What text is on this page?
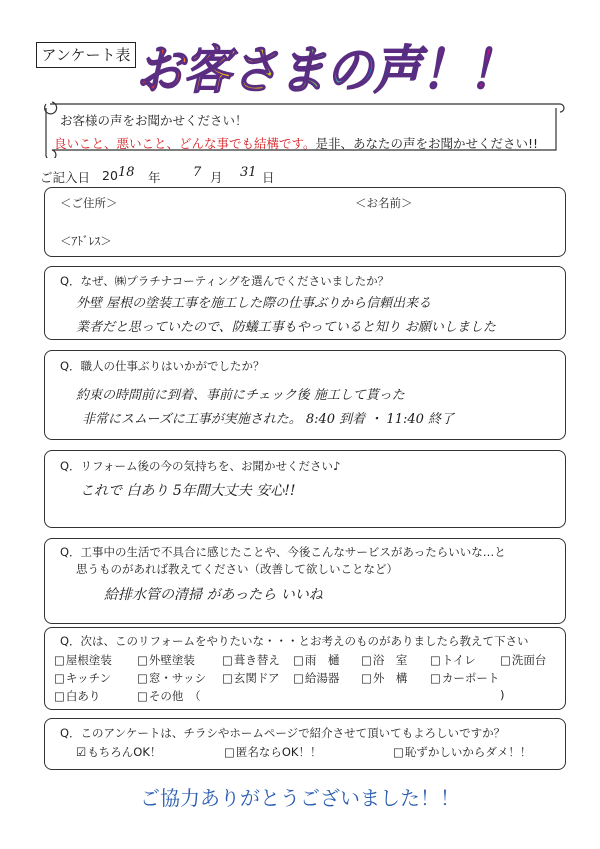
アンケート表 お客さまの声！！
お客様の声をお聞かせください！
良いこと、悪いこと、どんな事でも結構です。是非、あなたの声をお聞かせください!!
ご記入日 20 18 年 7 月 31 日
＜ご住所＞	＜お名前＞
＜ｱﾄﾞﾚｽ＞
Q．なぜ、㈱プラチナコーティングを選んでくださいましたか？
外壁 屋根の塗装工事を施工した際の仕事ぶりから信頼出来る
業者だと思っていたので、防蟻工事もやっていると知り お願いしました
Q．職人の仕事ぶりはいかがでしたか？
約束の時間前に到着、事前にチェック後 施工して貰った
非常にスムーズに工事が実施された。 8:40 到着 ・ 11:40 終了
Q．リフォーム後の今の気持ちを、お聞かせください♪
これで 白あり 5年間大丈夫 安心!!
Q．工事中の生活で不具合に感じたことや、今後こんなサービスがあったらいいな…と
思うものがあれば教えてください（改善して欲しいことなど）
給排水管の清掃 があったら いいね
Q．次は、このリフォームをやりたいな・・・とお考えのものがありましたら教えて下さい
□ 屋根塗装	□ 外壁塗装	□ 葺き替え	□ 雨　樋	□ 浴　室	□ トイレ	□ 洗面台
□ キッチン	□ 窓・サッシ	□ 玄関ドア	□ 給湯器	□ 外　構	□ カーポート
□ 白あり	□ その他　（	)
Q．このアンケートは、チラシやホームページで紹介させて頂いてもよろしいですか？
☑ もちろんOK！	□ 匿名ならOK！！	□ 恥ずかしいからダメ！！
ご協力ありがとうございました！！
